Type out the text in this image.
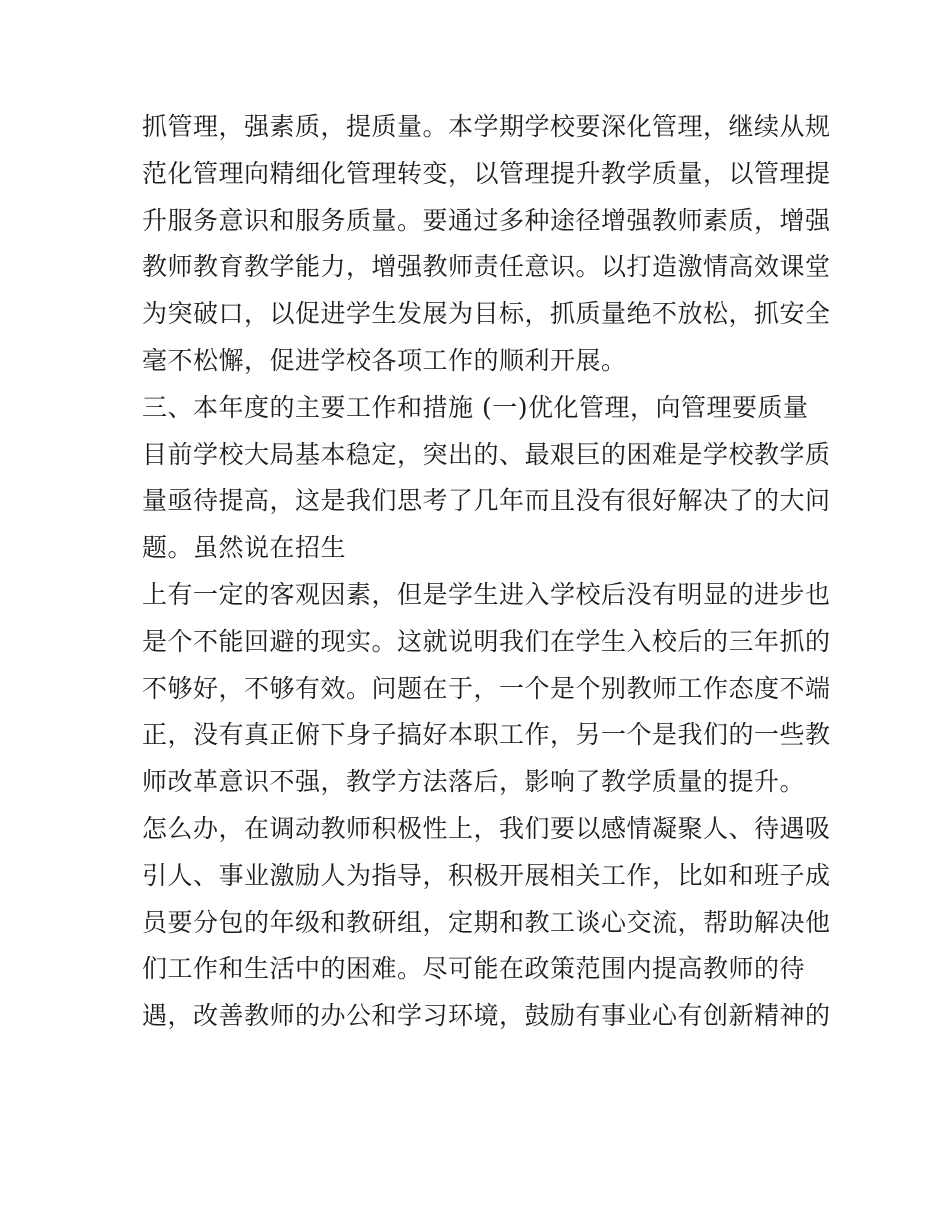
抓管理，强素质，提质量。本学期学校要深化管理，继续从规
范化管理向精细化管理转变，以管理提升教学质量，以管理提
升服务意识和服务质量。要通过多种途径增强教师素质，增强
教师教育教学能力，增强教师责任意识。以打造激情高效课堂
为突破口，以促进学生发展为目标，抓质量绝不放松，抓安全
毫不松懈，促进学校各项工作的顺利开展。
三、本年度的主要工作和措施 (一)优化管理，向管理要质量
目前学校大局基本稳定，突出的、最艰巨的困难是学校教学质
量亟待提高，这是我们思考了几年而且没有很好解决了的大问
题。虽然说在招生
上有一定的客观因素，但是学生进入学校后没有明显的进步也
是个不能回避的现实。这就说明我们在学生入校后的三年抓的
不够好，不够有效。问题在于，一个是个别教师工作态度不端
正，没有真正俯下身子搞好本职工作，另一个是我们的一些教
师改革意识不强，教学方法落后，影响了教学质量的提升。
怎么办，在调动教师积极性上，我们要以感情凝聚人、待遇吸
引人、事业激励人为指导，积极开展相关工作，比如和班子成
员要分包的年级和教研组，定期和教工谈心交流，帮助解决他
们工作和生活中的困难。尽可能在政策范围内提高教师的待
遇，改善教师的办公和学习环境，鼓励有事业心有创新精神的
